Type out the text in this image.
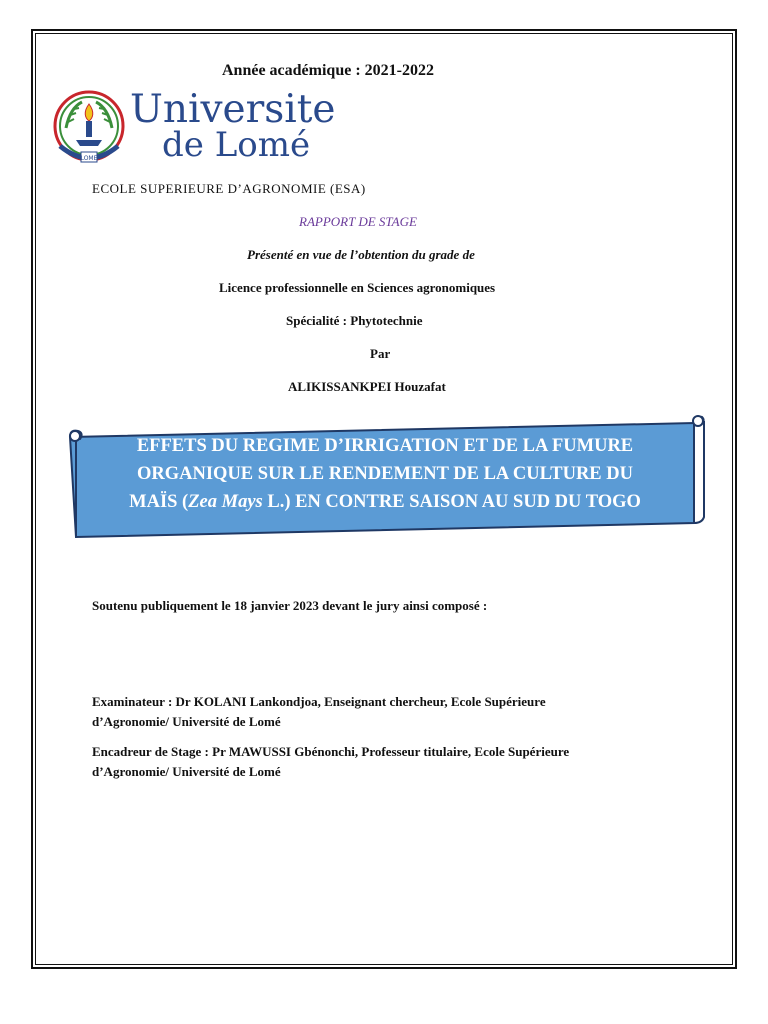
Année académique : 2021-2022
LOME
Universite
de Lomé
ECOLE SUPERIEURE D’AGRONOMIE (ESA)
RAPPORT DE STAGE
Présenté en vue de l’obtention du grade de
Licence professionnelle en Sciences agronomiques
Spécialité : Phytotechnie
Par
ALIKISSANKPEI Houzafat
EFFETS DU REGIME D’IRRIGATION ET DE LA FUMURE
ORGANIQUE SUR LE RENDEMENT DE LA CULTURE DU
MAÏS (Zea Mays L.) EN CONTRE SAISON AU SUD DU TOGO
Soutenu publiquement le 18 janvier 2023 devant le jury ainsi composé :
Examinateur : Dr KOLANI Lankondjoa, Enseignant chercheur, Ecole Supérieure
d’Agronomie/ Université de Lomé
Encadreur de Stage : Pr MAWUSSI Gbénonchi, Professeur titulaire, Ecole Supérieure
d’Agronomie/ Université de Lomé
